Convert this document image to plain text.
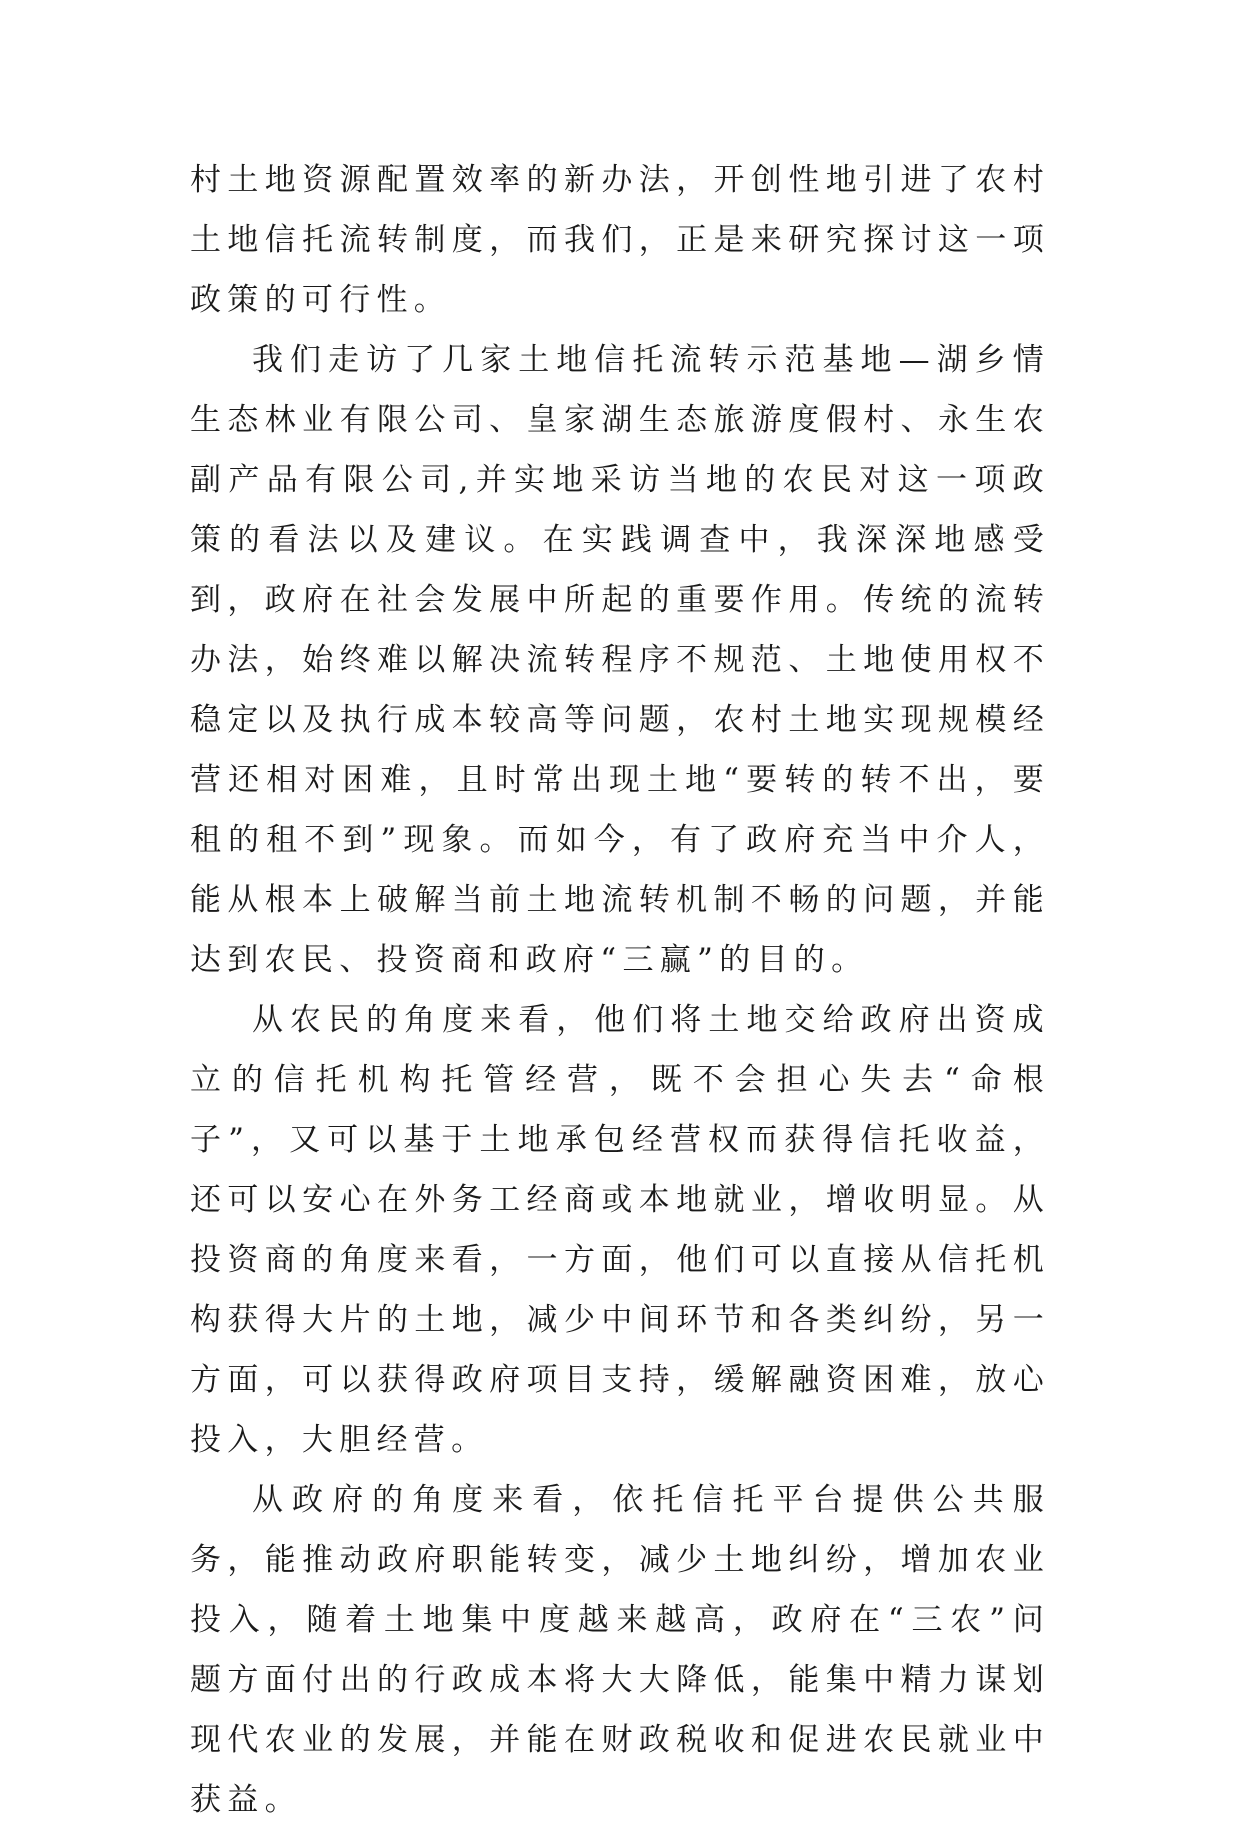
村土地资源配置效率的新办法，开创性地引进了农村土地信托流转制度，而我们，正是来研究探讨这一项政策的可行性。

我们走访了几家土地信托流转示范基地—湖乡情生态林业有限公司、皇家湖生态旅游度假村、永生农副产品有限公司,并实地采访当地的农民对这一项政策的看法以及建议。在实践调查中，我深深地感受到，政府在社会发展中所起的重要作用。传统的流转办法，始终难以解决流转程序不规范、土地使用权不稳定以及执行成本较高等问题，农村土地实现规模经营还相对困难，且时常出现土地“要转的转不出，要租的租不到”现象。而如今，有了政府充当中介人，能从根本上破解当前土地流转机制不畅的问题，并能达到农民、投资商和政府“三赢”的目的。

从农民的角度来看，他们将土地交给政府出资成立的信托机构托管经营，既不会担心失去“命根子”，又可以基于土地承包经营权而获得信托收益，还可以安心在外务工经商或本地就业，增收明显。从投资商的角度来看，一方面，他们可以直接从信托机构获得大片的土地，减少中间环节和各类纠纷，另一方面，可以获得政府项目支持，缓解融资困难，放心投入，大胆经营。

从政府的角度来看，依托信托平台提供公共服务，能推动政府职能转变，减少土地纠纷，增加农业投入，随着土地集中度越来越高，政府在“三农”问题方面付出的行政成本将大大降低，能集中精力谋划现代农业的发展，并能在财政税收和促进农民就业中获益。
